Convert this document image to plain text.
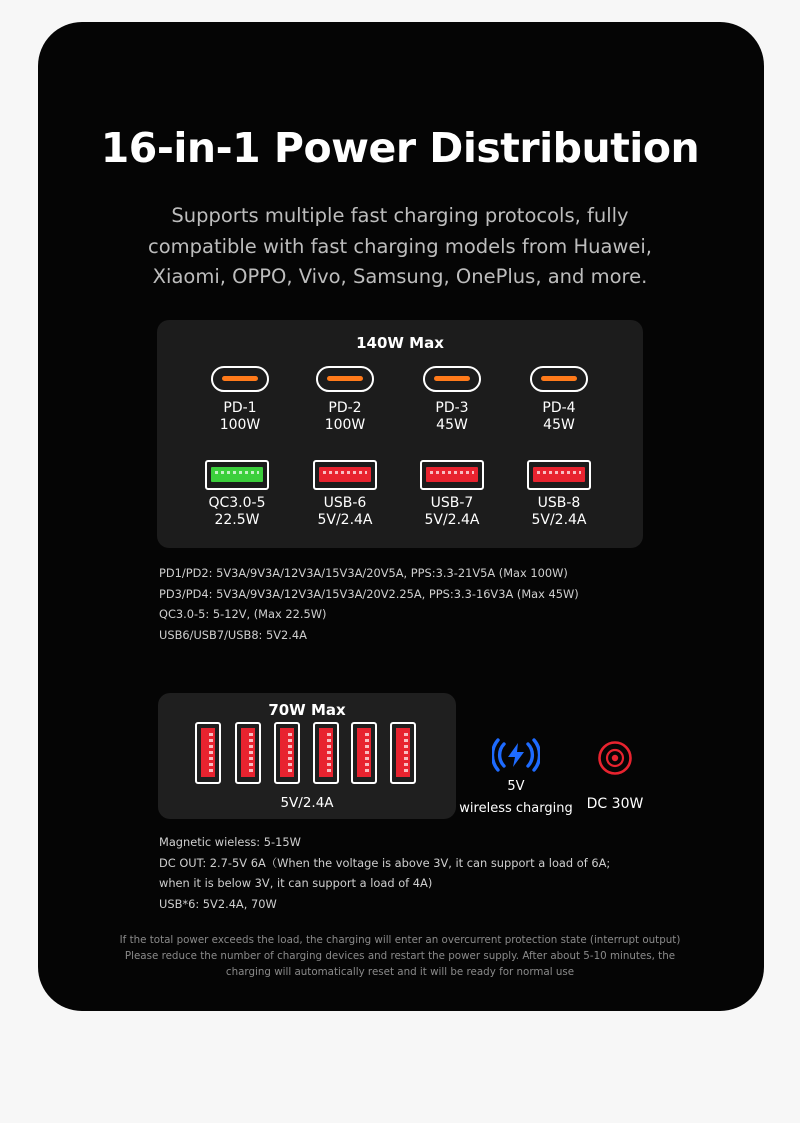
16-in-1 Power Distribution
Supports multiple fast charging protocols, fully
compatible with fast charging models from Huawei,
Xiaomi, OPPO, Vivo, Samsung, OnePlus, and more.
140W Max
PD-1
100W
PD-2
100W
PD-3
45W
PD-4
45W
QC3.0-5
22.5W
USB-6
5V/2.4A
USB-7
5V/2.4A
USB-8
5V/2.4A
PD1/PD2: 5V3A/9V3A/12V3A/15V3A/20V5A, PPS:3.3-21V5A (Max 100W)
PD3/PD4: 5V3A/9V3A/12V3A/15V3A/20V2.25A, PPS:3.3-16V3A (Max 45W)
QC3.0-5: 5-12V, (Max 22.5W)
USB6/USB7/USB8: 5V2.4A
70W Max
5V/2.4A
5V
wireless charging DC 30W
Magnetic wieless: 5-15W
DC OUT: 2.7-5V 6A（When the voltage is above 3V, it can support a load of 6A;
when it is below 3V, it can support a load of 4A)
USB*6: 5V2.4A, 70W
If the total power exceeds the load, the charging will enter an overcurrent protection state (interrupt output)
Please reduce the number of charging devices and restart the power supply. After about 5-10 minutes, the
charging will automatically reset and it will be ready for normal use
